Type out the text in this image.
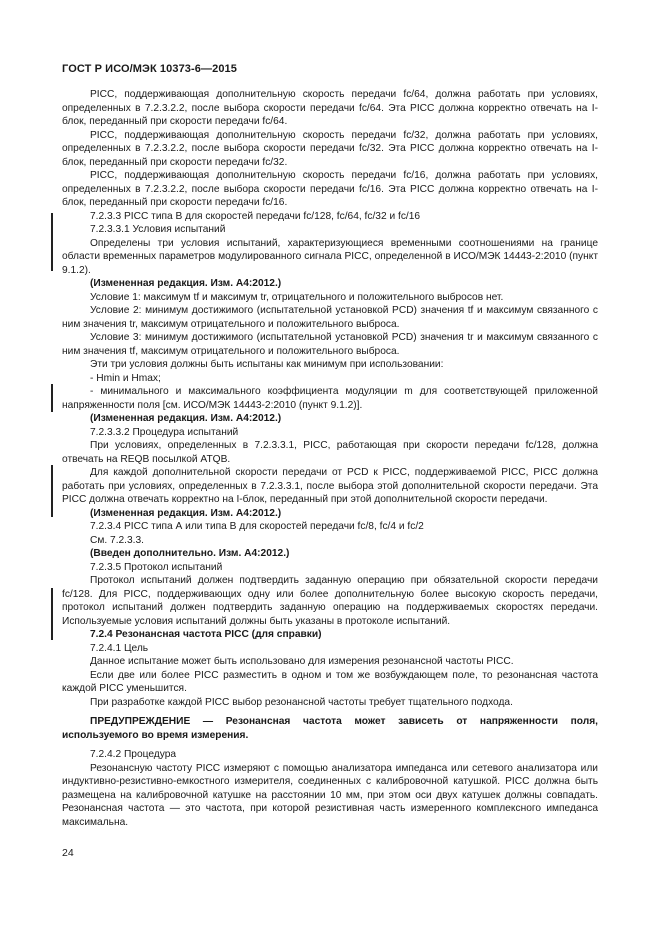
ГОСТ Р ИСО/МЭК 10373-6—2015

PICC, поддерживающая дополнительную скорость передачи fc/64, должна работать при условиях, определенных в 7.2.3.2.2, после выбора скорости передачи fc/64. Эта PICC должна корректно отвечать на I-блок, переданный при скорости передачи fc/64.

PICC, поддерживающая дополнительную скорость передачи fc/32, должна работать при условиях, определенных в 7.2.3.2.2, после выбора скорости передачи fc/32. Эта PICC должна корректно отвечать на I-блок, переданный при скорости передачи fc/32.

PICC, поддерживающая дополнительную скорость передачи fc/16, должна работать при условиях, определенных в 7.2.3.2.2, после выбора скорости передачи fc/16. Эта PICC должна корректно отвечать на I-блок, переданный при скорости передачи fc/16.

7.2.3.3 PICC типа В для скоростей передачи fc/128, fc/64, fc/32 и fc/16

7.2.3.3.1 Условия испытаний

Определены три условия испытаний, характеризующиеся временными соотношениями на границе области временных параметров модулированного сигнала PICC, определенной в ИСО/МЭК 14443-2:2010 (пункт 9.1.2).

(Измененная редакция. Изм. А4:2012.)

Условие 1: максимум tf и максимум tr, отрицательного и положительного выбросов нет.

Условие 2: минимум достижимого (испытательной установкой PCD) значения tf и максимум связанного с ним значения tr, максимум отрицательного и положительного выброса.

Условие 3: минимум достижимого (испытательной установкой PCD) значения tr и максимум связанного с ним значения tf, максимум отрицательного и положительного выброса.

Эти три условия должны быть испытаны как минимум при использовании:

- Hmin и Hmax;

- минимального и максимального коэффициента модуляции m для соответствующей приложенной напряженности поля [см. ИСО/МЭК 14443-2:2010 (пункт 9.1.2)].

(Измененная редакция. Изм. А4:2012.)

7.2.3.3.2 Процедура испытаний

При условиях, определенных в 7.2.3.3.1, PICC, работающая при скорости передачи fc/128, должна отвечать на REQB посылкой ATQB.

Для каждой дополнительной скорости передачи от PCD к PICC, поддерживаемой PICC, PICC должна работать при условиях, определенных в 7.2.3.3.1, после выбора этой дополнительной скорости передачи. Эта PICC должна отвечать корректно на I-блок, переданный при этой дополнительной скорости передачи.

(Измененная редакция. Изм. А4:2012.)

7.2.3.4 PICC типа А или типа В для скоростей передачи fc/8, fc/4 и fc/2

См. 7.2.3.3.

(Введен дополнительно. Изм. А4:2012.)

7.2.3.5 Протокол испытаний

Протокол испытаний должен подтвердить заданную операцию при обязательной скорости передачи fc/128. Для PICC, поддерживающих одну или более дополнительную более высокую скорость передачи, протокол испытаний должен подтвердить заданную операцию на поддерживаемых скоростях передачи. Используемые условия испытаний должны быть указаны в протоколе испытаний.

7.2.4 Резонансная частота PICC (для справки)

7.2.4.1 Цель

Данное испытание может быть использовано для измерения резонансной частоты PICC.

Если две или более PICC разместить в одном и том же возбуждающем поле, то резонансная частота каждой PICC уменьшится.

При разработке каждой PICC выбор резонансной частоты требует тщательного подхода.

ПРЕДУПРЕЖДЕНИЕ — Резонансная частота может зависеть от напряженности поля, используемого во время измерения.

7.2.4.2 Процедура

Резонансную частоту PICC измеряют с помощью анализатора импеданса или сетевого анализатора или индуктивно-резистивно-емкостного измерителя, соединенных с калибровочной катушкой. PICC должна быть размещена на калибровочной катушке на расстоянии 10 мм, при этом оси двух катушек должны совпадать. Резонансная частота — это частота, при которой резистивная часть измеренного комплексного импеданса максимальна.

24
